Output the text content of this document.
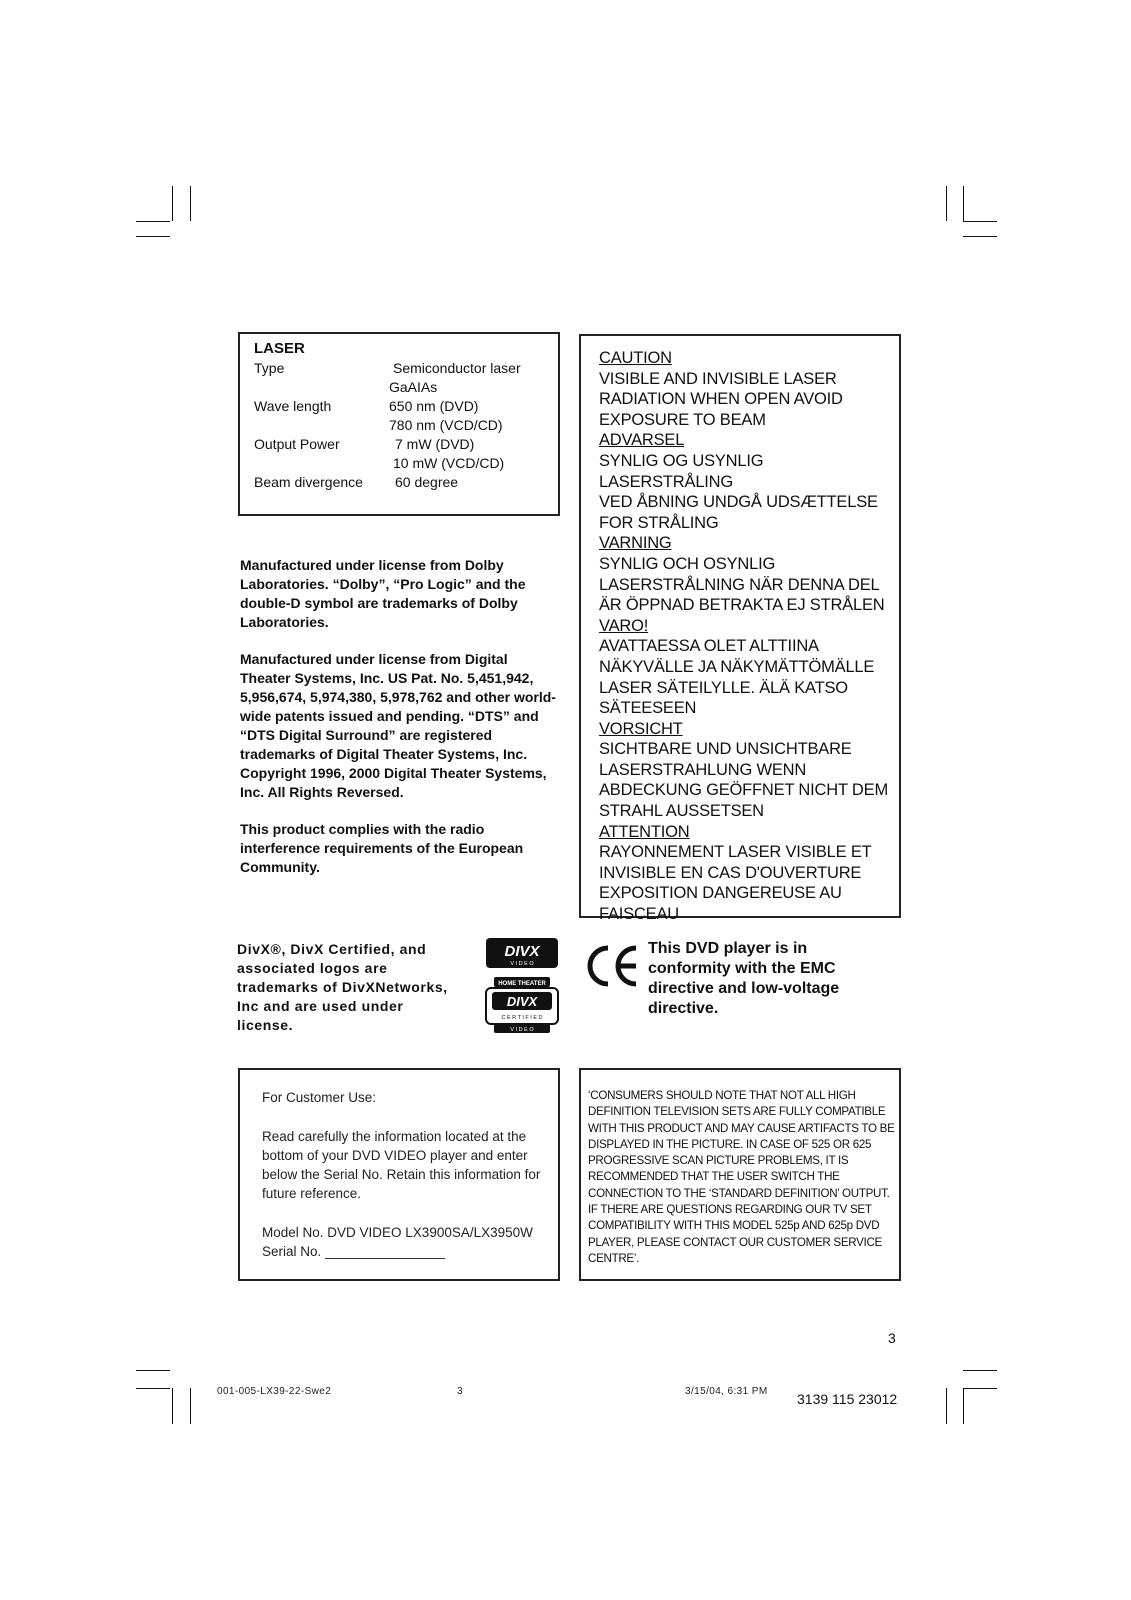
LASER
Type	Semiconductor laser
GaAIAs
Wave length	650 nm (DVD)
780 nm (VCD/CD)
Output Power	7 mW (DVD)
10 mW (VCD/CD)
Beam divergence	60 degree
CAUTION
VISIBLE AND INVISIBLE LASER
RADIATION WHEN OPEN AVOID
EXPOSURE TO BEAM
ADVARSEL
SYNLIG OG USYNLIG LASERSTRÅLING
VED ÅBNING UNDGÅ UDSÆTTELSE
FOR STRÅLING
VARNING
SYNLIG OCH OSYNLIG
LASERSTRÅLNING NÄR DENNA DEL
ÄR ÖPPNAD BETRAKTA EJ STRÅLEN
VARO!
AVATTAESSA OLET ALTTIINA
NÄKYVÄLLE JA NÄKYMÄTTÖMÄLLE
LASER SÄTEILYLLE. ÄLÄ KATSO
SÄTEESEEN
VORSICHT
SICHTBARE UND UNSICHTBARE
LASERSTRAHLUNG WENN
ABDECKUNG GEÖFFNET NICHT DEM
STRAHL AUSSETSEN
ATTENTION
RAYONNEMENT LASER VISIBLE ET
INVISIBLE EN CAS D'OUVERTURE
EXPOSITION DANGEREUSE AU
FAISCEAU

Manufactured under license from Dolby Laboratories. “Dolby”, “Pro Logic” and the double-D symbol are trademarks of Dolby Laboratories.

Manufactured under license from Digital Theater Systems, Inc. US Pat. No. 5,451,942, 5,956,674, 5,974,380, 5,978,762 and other world-wide patents issued and pending. “DTS” and “DTS Digital Surround” are registered trademarks of Digital Theater Systems, Inc. Copyright 1996, 2000 Digital Theater Systems, Inc. All Rights Reversed.

This product complies with the radio interference requirements of the European Community.

DivX®, DivX Certified, and
associated logos are
trademarks of DivXNetworks,
Inc and are used under
license.
DIVX
V I D E O
HOME THEATER
DIVX
C E R T I F I E D
V I D E O
This DVD player is in conformity with the EMC directive and low-voltage directive.

For Customer Use:

Read carefully the information located at the bottom of your DVD VIDEO player and enter below the Serial No. Retain this information for future reference.

Model No. DVD VIDEO LX3900SA/LX3950W

Serial No. ________________

‘CONSUMERS SHOULD NOTE THAT NOT ALL HIGH DEFINITION TELEVISION SETS ARE FULLY COMPATIBLE WITH THIS PRODUCT AND MAY CAUSE ARTIFACTS TO BE DISPLAYED IN THE PICTURE. IN CASE OF 525 OR 625 PROGRESSIVE SCAN PICTURE PROBLEMS, IT IS RECOMMENDED THAT THE USER SWITCH THE CONNECTION TO THE ‘STANDARD DEFINITION’ OUTPUT. IF THERE ARE QUESTIONS REGARDING OUR TV SET COMPATIBILITY WITH THIS MODEL 525p AND 625p DVD PLAYER, PLEASE CONTACT OUR CUSTOMER SERVICE CENTRE’.
3
001-005-LX39-22-Swe2	3	3/15/04, 6:31 PM 3139 115 23012
